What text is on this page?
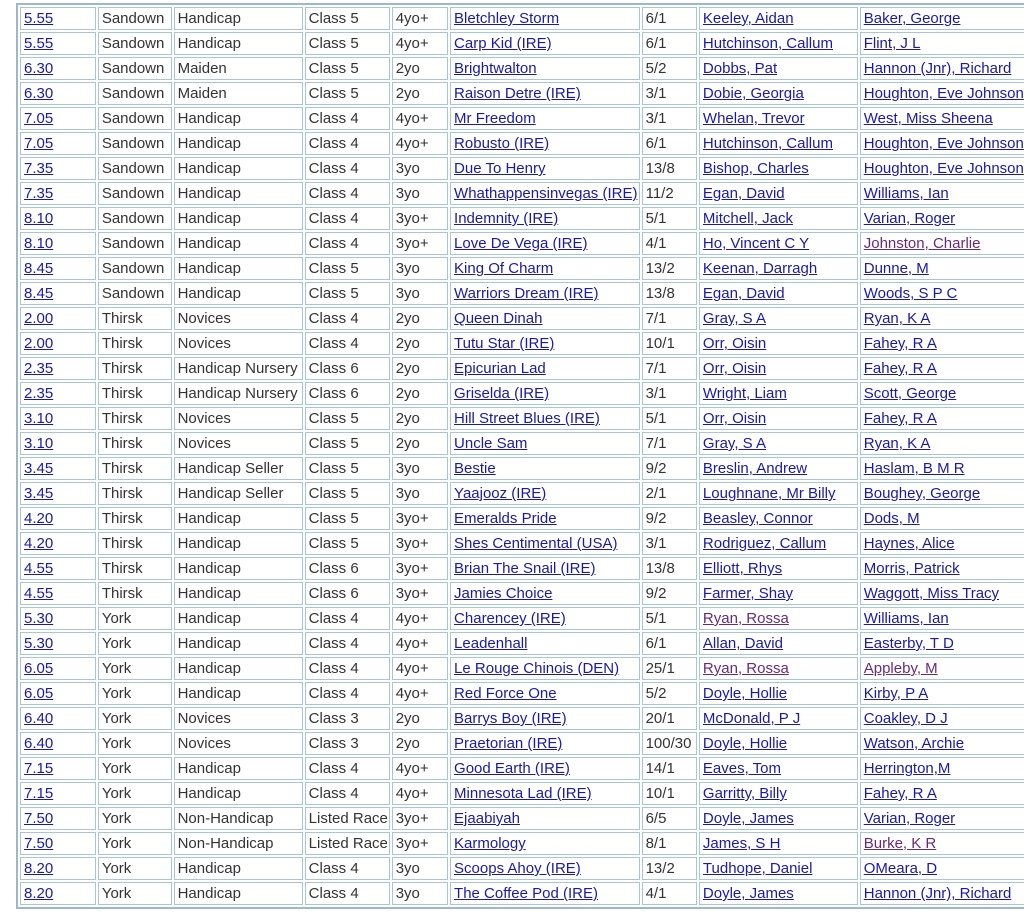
5.55	Sandown	Handicap	Class 5	4yo+	Bletchley Storm	6/1	Keeley, Aidan	Baker, George
5.55	Sandown	Handicap	Class 5	4yo+	Carp Kid (IRE)	6/1	Hutchinson, Callum	Flint, J L
6.30	Sandown	Maiden	Class 5	2yo	Brightwalton	5/2	Dobbs, Pat	Hannon (Jnr), Richard
6.30	Sandown	Maiden	Class 5	2yo	Raison Detre (IRE)	3/1	Dobie, Georgia	Houghton, Eve Johnson
7.05	Sandown	Handicap	Class 4	4yo+	Mr Freedom	3/1	Whelan, Trevor	West, Miss Sheena
7.05	Sandown	Handicap	Class 4	4yo+	Robusto (IRE)	6/1	Hutchinson, Callum	Houghton, Eve Johnson
7.35	Sandown	Handicap	Class 4	3yo	Due To Henry	13/8	Bishop, Charles	Houghton, Eve Johnson
7.35	Sandown	Handicap	Class 4	3yo	Whathappensinvegas (IRE)	11/2	Egan, David	Williams, Ian
8.10	Sandown	Handicap	Class 4	3yo+	Indemnity (IRE)	5/1	Mitchell, Jack	Varian, Roger
8.10	Sandown	Handicap	Class 4	3yo+	Love De Vega (IRE)	4/1	Ho, Vincent C Y	Johnston, Charlie
8.45	Sandown	Handicap	Class 5	3yo	King Of Charm	13/2	Keenan, Darragh	Dunne, M
8.45	Sandown	Handicap	Class 5	3yo	Warriors Dream (IRE)	13/8	Egan, David	Woods, S P C
2.00	Thirsk	Novices	Class 4	2yo	Queen Dinah	7/1	Gray, S A	Ryan, K A
2.00	Thirsk	Novices	Class 4	2yo	Tutu Star (IRE)	10/1	Orr, Oisin	Fahey, R A
2.35	Thirsk	Handicap Nursery	Class 6	2yo	Epicurian Lad	7/1	Orr, Oisin	Fahey, R A
2.35	Thirsk	Handicap Nursery	Class 6	2yo	Griselda (IRE)	3/1	Wright, Liam	Scott, George
3.10	Thirsk	Novices	Class 5	2yo	Hill Street Blues (IRE)	5/1	Orr, Oisin	Fahey, R A
3.10	Thirsk	Novices	Class 5	2yo	Uncle Sam	7/1	Gray, S A	Ryan, K A
3.45	Thirsk	Handicap Seller	Class 5	3yo	Bestie	9/2	Breslin, Andrew	Haslam, B M R
3.45	Thirsk	Handicap Seller	Class 5	3yo	Yaajooz (IRE)	2/1	Loughnane, Mr Billy	Boughey, George
4.20	Thirsk	Handicap	Class 5	3yo+	Emeralds Pride	9/2	Beasley, Connor	Dods, M
4.20	Thirsk	Handicap	Class 5	3yo+	Shes Centimental (USA)	3/1	Rodriguez, Callum	Haynes, Alice
4.55	Thirsk	Handicap	Class 6	3yo+	Brian The Snail (IRE)	13/8	Elliott, Rhys	Morris, Patrick
4.55	Thirsk	Handicap	Class 6	3yo+	Jamies Choice	9/2	Farmer, Shay	Waggott, Miss Tracy
5.30	York	Handicap	Class 4	4yo+	Charencey (IRE)	5/1	Ryan, Rossa	Williams, Ian
5.30	York	Handicap	Class 4	4yo+	Leadenhall	6/1	Allan, David	Easterby, T D
6.05	York	Handicap	Class 4	4yo+	Le Rouge Chinois (DEN)	25/1	Ryan, Rossa	Appleby, M
6.05	York	Handicap	Class 4	4yo+	Red Force One	5/2	Doyle, Hollie	Kirby, P A
6.40	York	Novices	Class 3	2yo	Barrys Boy (IRE)	20/1	McDonald, P J	Coakley, D J
6.40	York	Novices	Class 3	2yo	Praetorian (IRE)	100/30	Doyle, Hollie	Watson, Archie
7.15	York	Handicap	Class 4	4yo+	Good Earth (IRE)	14/1	Eaves, Tom	Herrington,M
7.15	York	Handicap	Class 4	4yo+	Minnesota Lad (IRE)	10/1	Garritty, Billy	Fahey, R A
7.50	York	Non-Handicap	Listed Race	3yo+	Ejaabiyah	6/5	Doyle, James	Varian, Roger
7.50	York	Non-Handicap	Listed Race	3yo+	Karmology	8/1	James, S H	Burke, K R
8.20	York	Handicap	Class 4	3yo	Scoops Ahoy (IRE)	13/2	Tudhope, Daniel	OMeara, D
8.20	York	Handicap	Class 4	3yo	The Coffee Pod (IRE)	4/1	Doyle, James	Hannon (Jnr), Richard
